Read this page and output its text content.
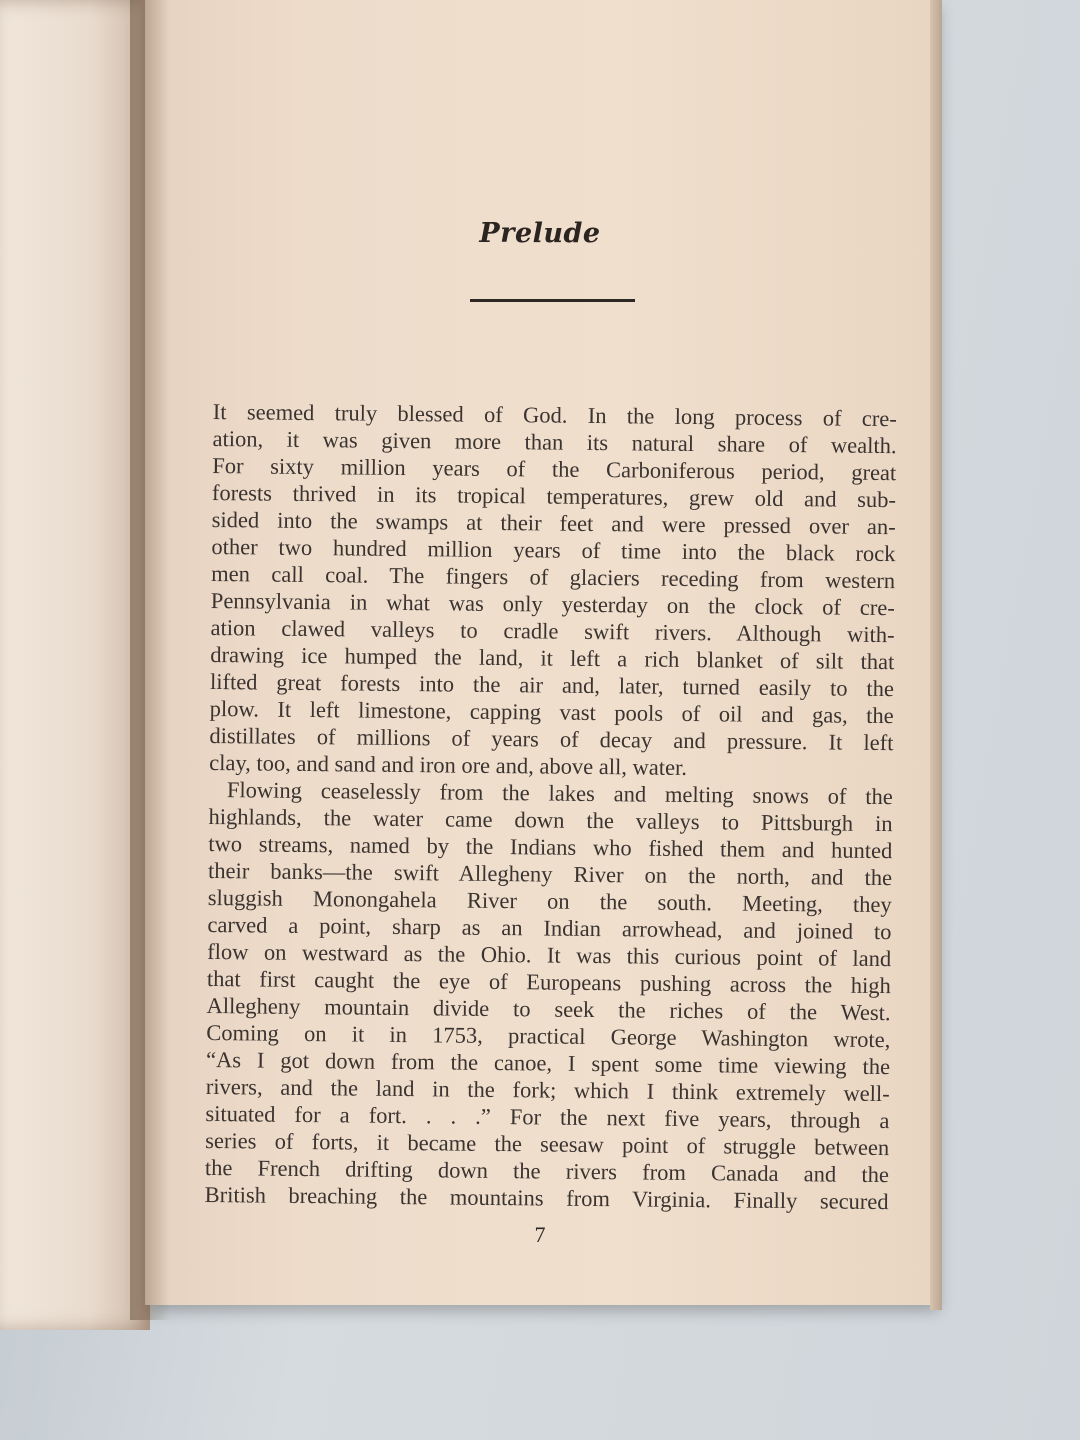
Prelude
It seemed truly blessed of God. In the long process of cre-
ation, it was given more than its natural share of wealth.
For sixty million years of the Carboniferous period, great
forests thrived in its tropical temperatures, grew old and sub-
sided into the swamps at their feet and were pressed over an-
other two hundred million years of time into the black rock
men call coal. The fingers of glaciers receding from western
Pennsylvania in what was only yesterday on the clock of cre-
ation clawed valleys to cradle swift rivers. Although with-
drawing ice humped the land, it left a rich blanket of silt that
lifted great forests into the air and, later, turned easily to the
plow. It left limestone, capping vast pools of oil and gas, the
distillates of millions of years of decay and pressure. It left
clay, too, and sand and iron ore and, above all, water.
Flowing ceaselessly from the lakes and melting snows of the
highlands, the water came down the valleys to Pittsburgh in
two streams, named by the Indians who fished them and hunted
their banks—the swift Allegheny River on the north, and the
sluggish Monongahela River on the south. Meeting, they
carved a point, sharp as an Indian arrowhead, and joined to
flow on westward as the Ohio. It was this curious point of land
that first caught the eye of Europeans pushing across the high
Allegheny mountain divide to seek the riches of the West.
Coming on it in 1753, practical George Washington wrote,
“As I got down from the canoe, I spent some time viewing the
rivers, and the land in the fork; which I think extremely well-
situated for a fort. . . .” For the next five years, through a
series of forts, it became the seesaw point of struggle between
the French drifting down the rivers from Canada and the
British breaching the mountains from Virginia. Finally secured
7
